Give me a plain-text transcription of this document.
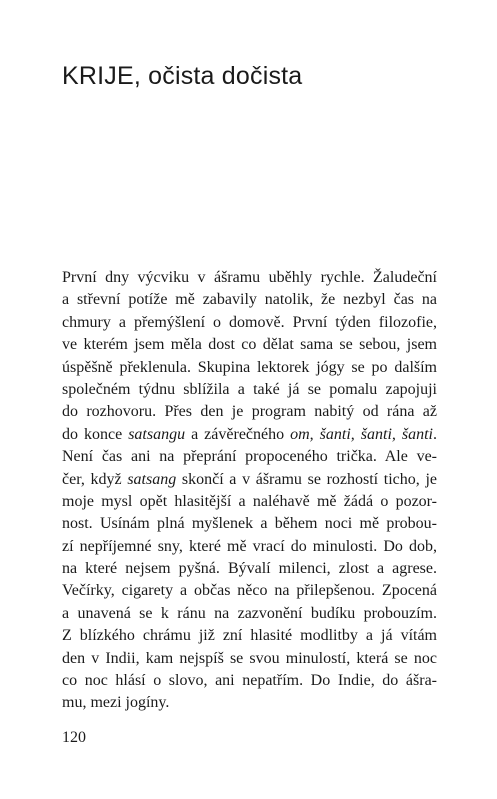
KRIJE, očista dočista
První dny výcviku v ášramu uběhly rychle. Žaludeční
a střevní potíže mě zabavily natolik, že nezbyl čas na
chmury a přemýšlení o domově. První týden filozofie,
ve kterém jsem měla dost co dělat sama se sebou, jsem
úspěšně překlenula. Skupina lektorek jógy se po dalším
společném týdnu sblížila a také já se pomalu zapojuji
do rozhovoru. Přes den je program nabitý od rána až
do konce satsangu a závěrečného om, šanti, šanti, šanti.
Není čas ani na přeprání propoceného trička. Ale ve-
čer, když satsang skončí a v ášramu se rozhostí ticho, je
moje mysl opět hlasitější a naléhavě mě žádá o pozor-
nost. Usínám plná myšlenek a během noci mě probou-
zí nepříjemné sny, které mě vrací do minulosti. Do dob,
na které nejsem pyšná. Bývalí milenci, zlost a agrese.
Večírky, cigarety a občas něco na přilepšenou. Zpocená
a unavená se k ránu na zazvonění budíku probouzím.
Z blízkého chrámu již zní hlasité modlitby a já vítám
den v Indii, kam nejspíš se svou minulostí, která se noc
co noc hlásí o slovo, ani nepatřím. Do Indie, do ášra-
mu, mezi jogíny.
120
